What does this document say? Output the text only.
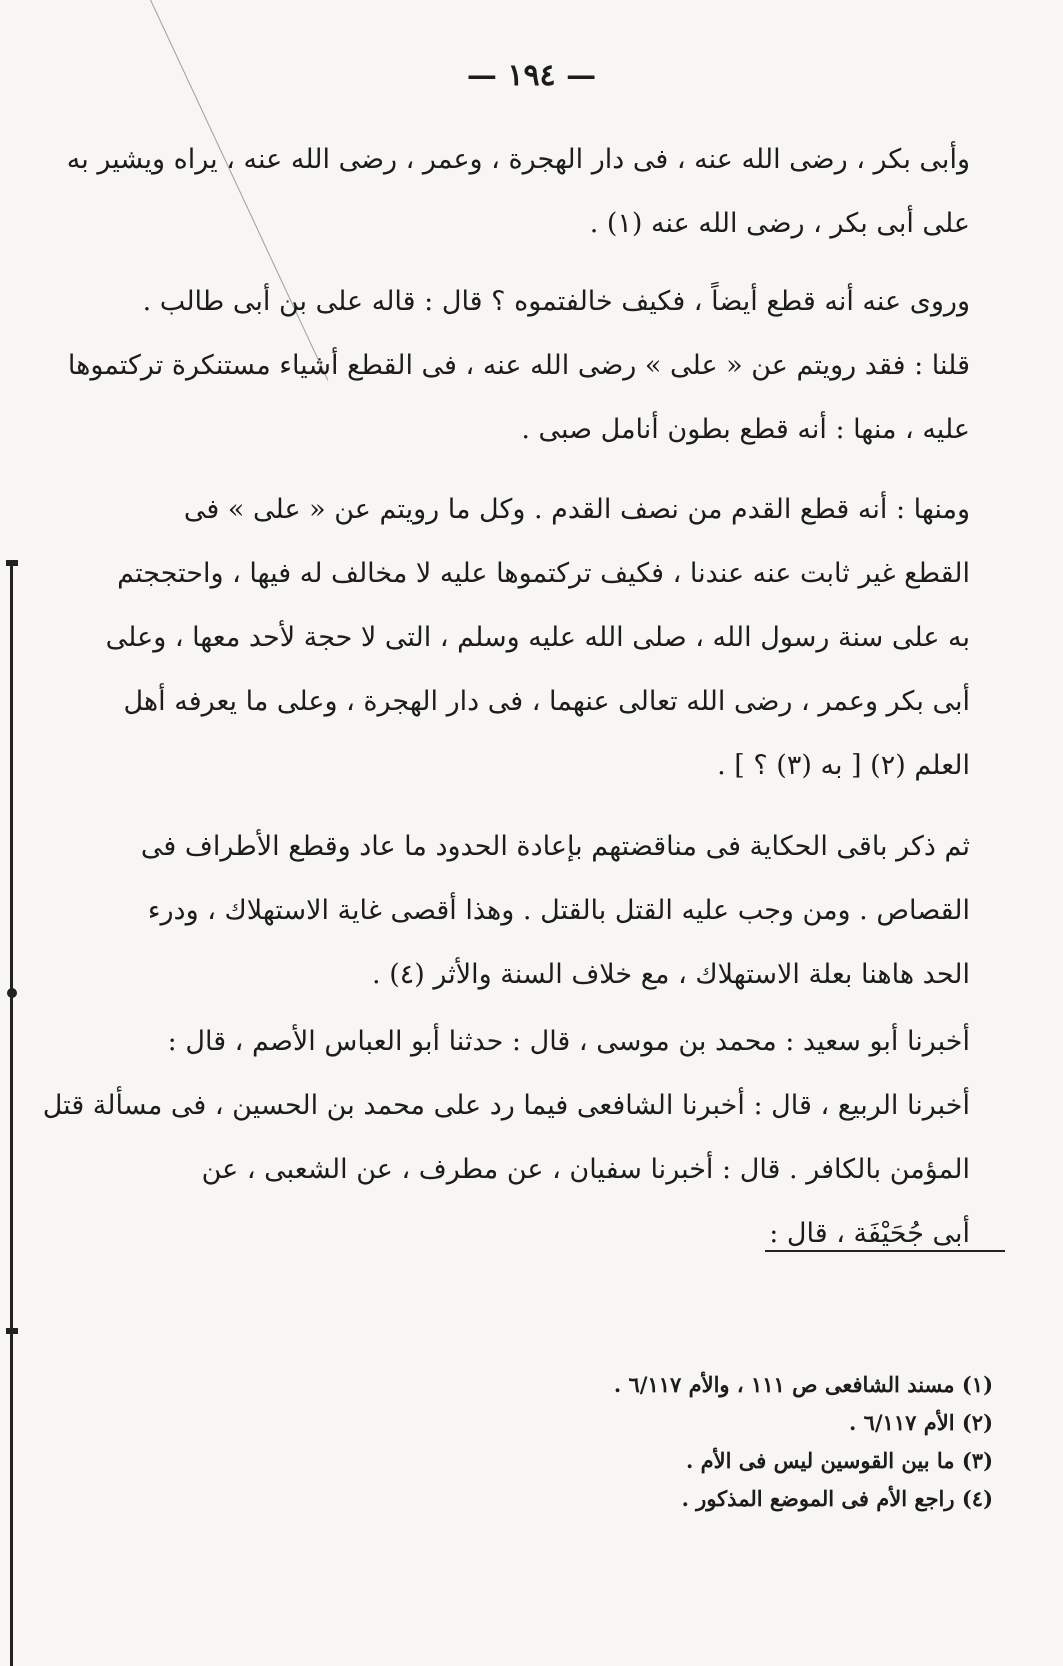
— ١٩٤ —
وأبى بكر ، رضى الله عنه ، فى دار الهجرة ، وعمر ، رضى الله عنه ، يراه ويشير به
على أبى بكر ، رضى الله عنه (١) .
وروى عنه أنه قطع أيضاً ، فكيف خالفتموه ؟ قال : قاله على بن أبى طالب .
قلنا : فقد رويتم عن « على » رضى الله عنه ، فى القطع أشياء مستنكرة تركتموها
عليه ، منها : أنه قطع بطون أنامل صبى .
ومنها : أنه قطع القدم من نصف القدم . وكل ما رويتم عن « على » فى
القطع غير ثابت عنه عندنا ، فكيف تركتموها عليه لا مخالف له فيها ، واحتججتم
به على سنة رسول الله ، صلى الله عليه وسلم ، التى لا حجة لأحد معها ، وعلى
أبى بكر وعمر ، رضى الله تعالى عنهما ، فى دار الهجرة ، وعلى ما يعرفه أهل
العلم (٢) [ به (٣) ؟ ] .
ثم ذكر باقى الحكاية فى مناقضتهم بإعادة الحدود ما عاد وقطع الأطراف فى
القصاص . ومن وجب عليه القتل بالقتل . وهذا أقصى غاية الاستهلاك ، ودرء
الحد هاهنا بعلة الاستهلاك ، مع خلاف السنة والأثر (٤) .
أخبرنا أبو سعيد : محمد بن موسى ، قال : حدثنا أبو العباس الأصم ، قال :
أخبرنا الربيع ، قال : أخبرنا الشافعى فيما رد على محمد بن الحسين ، فى مسألة قتل
المؤمن بالكافر . قال : أخبرنا سفيان ، عن مطرف ، عن الشعبى ، عن
أبى جُحَيْفَة ، قال :
(١) مسند الشافعى ص ١١١ ، والأم ٦/١١٧ .
(٢) الأم ٦/١١٧ .
(٣) ما بين القوسين ليس فى الأم .
(٤) راجع الأم فى الموضع المذكور .
